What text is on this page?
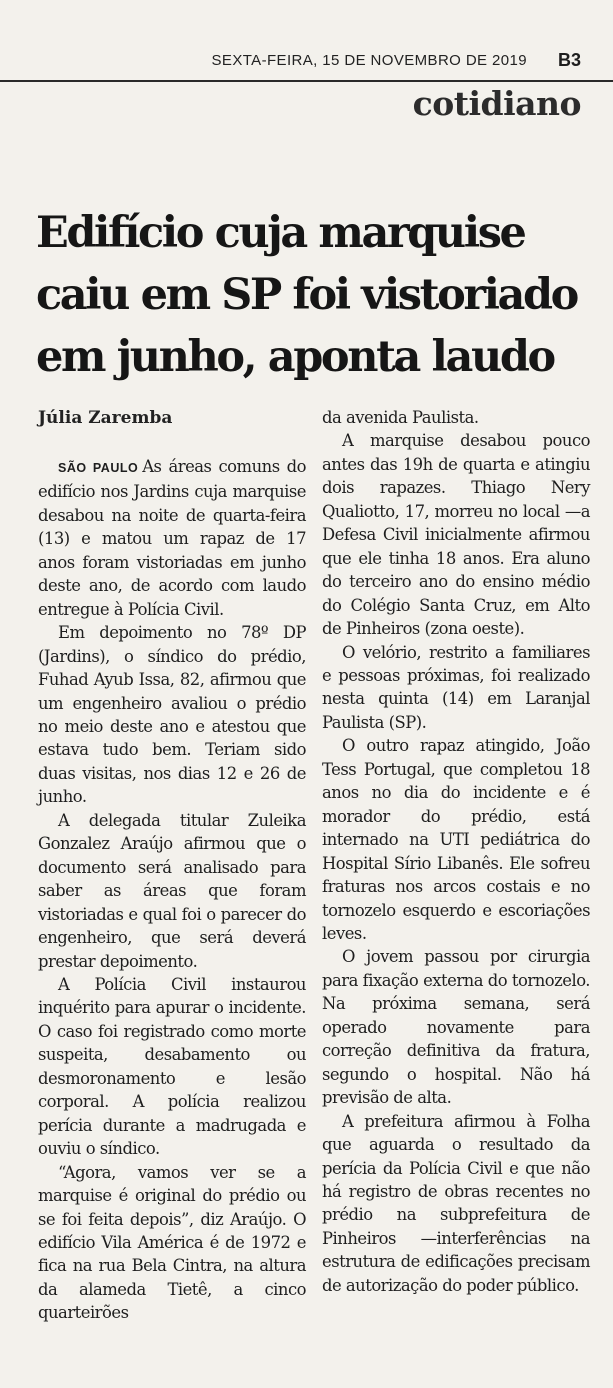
SEXTA-FEIRA, 15 DE NOVEMBRO DE 2019 B3
cotidiano
Edifício cuja marquise caiu em SP foi vistoriado em junho, aponta laudo
Júlia Zaremba

SÃO PAULO As áreas comuns do edifício nos Jardins cuja marquise desabou na noite de quarta-feira (13) e matou um rapaz de 17 anos foram vistoriadas em junho deste ano, de acordo com laudo entregue à Polícia Civil.

Em depoimento no 78º DP (Jardins), o síndico do prédio, Fuhad Ayub Issa, 82, afirmou que um engenheiro avaliou o prédio no meio deste ano e atestou que estava tudo bem. Teriam sido duas visitas, nos dias 12 e 26 de junho.

A delegada titular Zuleika Gonzalez Araújo afirmou que o documento será analisado para saber as áreas que foram vistoriadas e qual foi o parecer do engenheiro, que será deverá prestar depoimento.

A Polícia Civil instaurou inquérito para apurar o incidente. O caso foi registrado como morte suspeita, desabamento ou desmoronamento e lesão corporal. A polícia realizou perícia durante a madrugada e ouviu o síndico.

“Agora, vamos ver se a marquise é original do prédio ou se foi feita depois”, diz Araújo. O edifício Vila América é de 1972 e fica na rua Bela Cintra, na altura da alameda Tietê, a cinco quarteirões

da avenida Paulista.

A marquise desabou pouco antes das 19h de quarta e atingiu dois rapazes. Thiago Nery Qualiotto, 17, morreu no local —a Defesa Civil inicialmente afirmou que ele tinha 18 anos. Era aluno do terceiro ano do ensino médio do Colégio Santa Cruz, em Alto de Pinheiros (zona oeste).

O velório, restrito a familiares e pessoas próximas, foi realizado nesta quinta (14) em Laranjal Paulista (SP).

O outro rapaz atingido, João Tess Portugal, que completou 18 anos no dia do incidente e é morador do prédio, está internado na UTI pediátrica do Hospital Sírio Libanês. Ele sofreu fraturas nos arcos costais e no tornozelo esquerdo e escoriações leves.

O jovem passou por cirurgia para fixação externa do tornozelo. Na próxima semana, será operado novamente para correção definitiva da fratura, segundo o hospital. Não há previsão de alta.

A prefeitura afirmou à Folha que aguarda o resultado da perícia da Polícia Civil e que não há registro de obras recentes no prédio na subprefeitura de Pinheiros —interferências na estrutura de edificações precisam de autorização do poder público.
